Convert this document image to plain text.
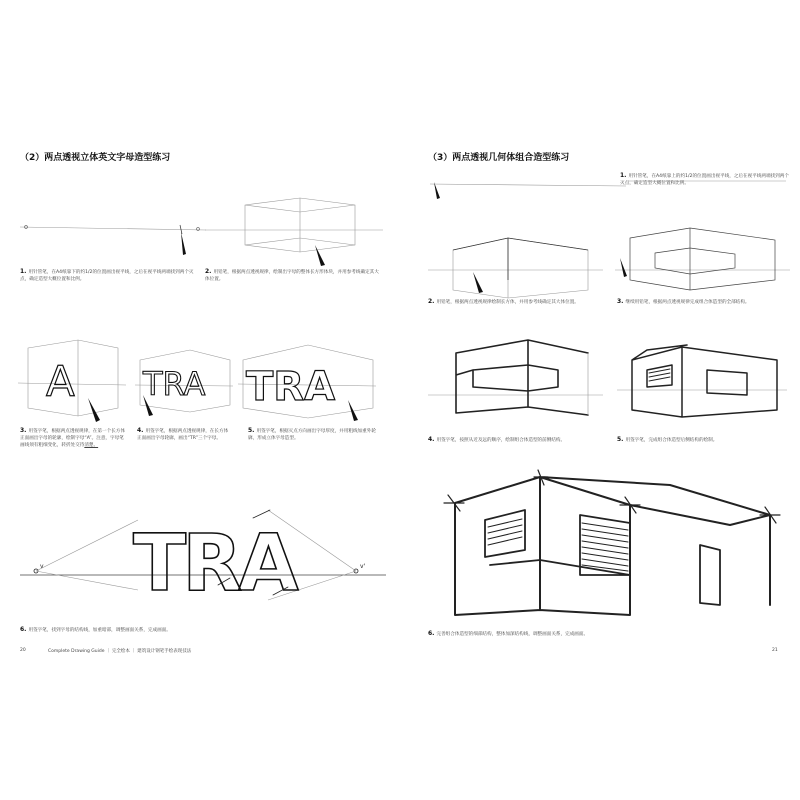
（2）两点透视立体英文字母造型练习
1. 用针管笔，在A4纸靠下的约1/2的位置画出视平线，之后在视平线两端找到两个灭点，确定造型大概位置和比例。
2. 用铅笔，根据两点透视规律，绘制出字母的整体长方形体块，并用参考线确定其大体位置。
A TRA TRA
3. 用签字笔，根据两点透视规律，在第一个长方体正面画出字母的轮廓，绘制字母“A”。注意，字母笔画线须有粗细变化，转折处交待清楚。
4. 用签字笔，根据两点透视规律，在长方体正面画出字母轮廓，画出“TR”三个字母。
5. 用签字笔，根据灭点方向画出字母厚度，并用粗线加重外轮廓，形成立体字母造型。
v	v'
TRA
6. 用签字笔，找到字母的结构线，加重暗部，调整画面关系，完成画面。
20	Complete Drawing Guide ｜ 完全绘本 ｜ 建筑设计钢笔手绘表现技法
（3）两点透视几何体组合造型练习
1. 用针管笔，在A4纸靠上的约1/2的位置画出视平线，之后在视平线两端找到两个灭点，确定造型大概位置和比例。
2. 用铅笔，根据两点透视规律绘制长方体，并用参考线确定其大体位置。	3. 继续用铅笔，根据两点透视规律完成组合体造型的全部结构。
4. 用签字笔，按照从近及远的顺序，绘制组合体造型的前侧结构。	5. 用签字笔，完成组合体造型后侧结构的绘制。
6. 完善组合体造型的细部结构，整体加深结构线，调整画面关系，完成画面。
21
